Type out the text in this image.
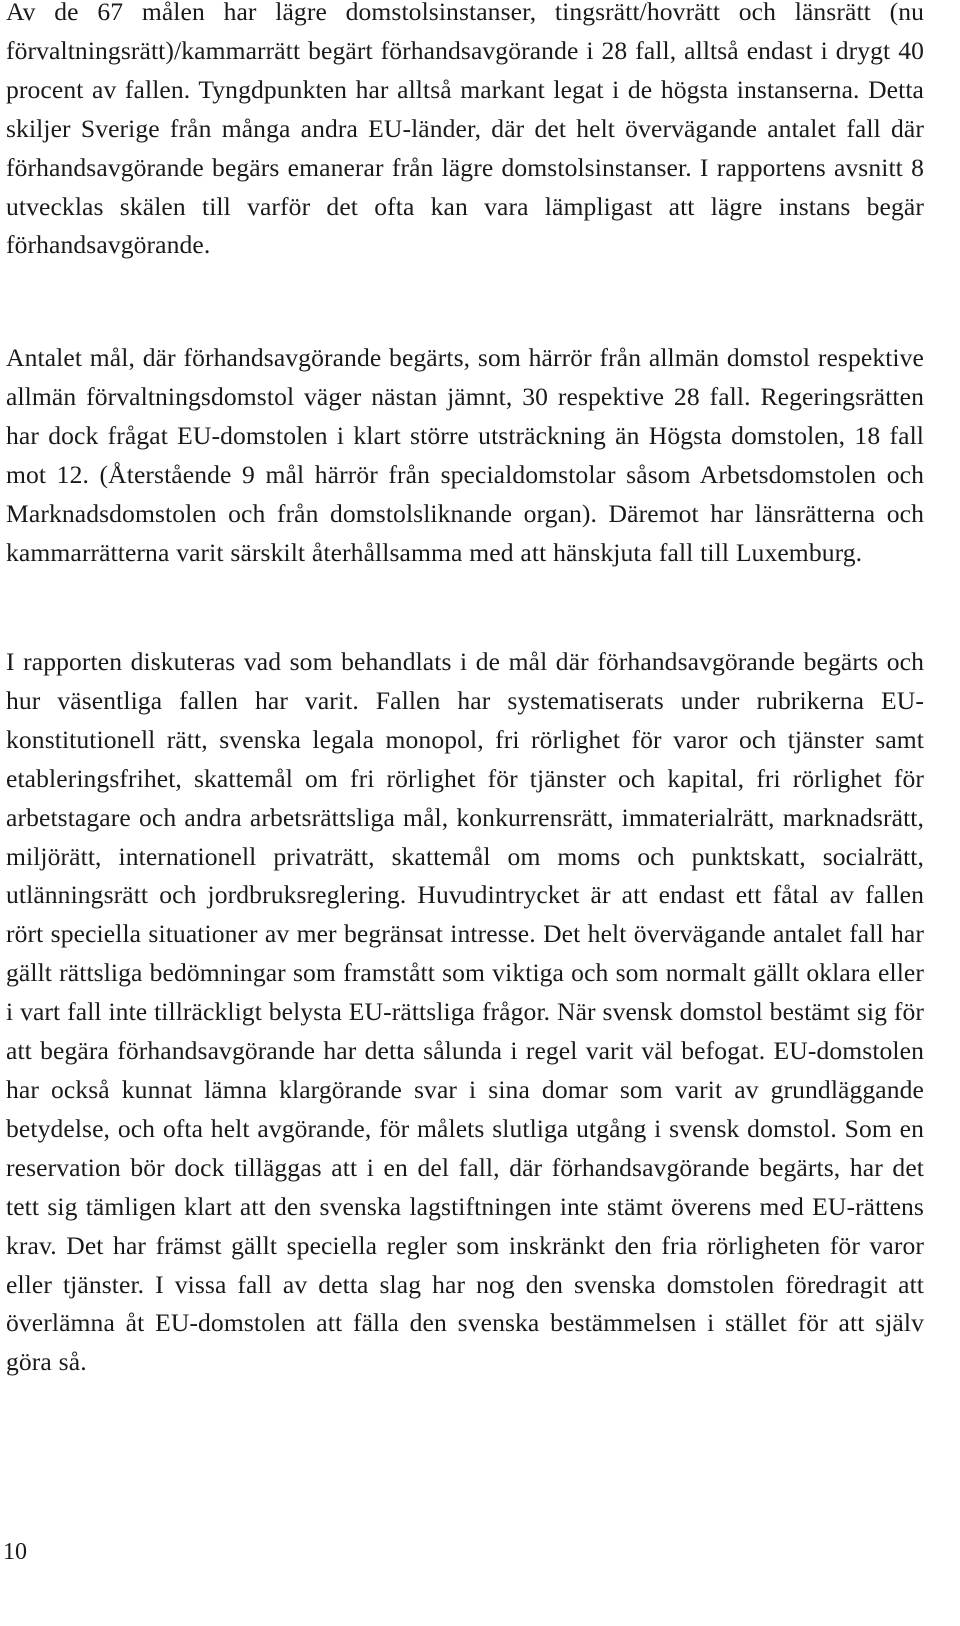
Av de 67 målen har lägre domstolsinstanser, tingsrätt/hovrätt och länsrätt (nu förvaltningsrätt)/kammarrätt begärt förhandsavgörande i 28 fall, alltså endast i drygt 40 procent av fallen. Tyngdpunkten har alltså markant legat i de högsta instanserna. Detta skiljer Sverige från många andra EU-länder, där det helt övervägande antalet fall där förhandsavgörande begärs emanerar från lägre domstolsinstanser. I rapportens avsnitt 8 utvecklas skälen till varför det ofta kan vara lämpligast att lägre instans begär förhandsavgörande.

Antalet mål, där förhandsavgörande begärts, som härrör från allmän domstol respektive allmän förvaltningsdomstol väger nästan jämnt, 30 respektive 28 fall. Regeringsrätten har dock frågat EU-domstolen i klart större utsträckning än Högsta domstolen, 18 fall mot 12. (Återstående 9 mål härrör från specialdomstolar såsom Arbetsdomstolen och Marknadsdomstolen och från domstolsliknande organ). Däremot har länsrätterna och kammarrätterna varit särskilt återhållsamma med att hänskjuta fall till Luxemburg.

I rapporten diskuteras vad som behandlats i de mål där förhandsavgörande begärts och hur väsentliga fallen har varit. Fallen har systematiserats under rubrikerna EU-konstitutionell rätt, svenska legala monopol, fri rörlighet för varor och tjänster samt etableringsfrihet, skattemål om fri rörlighet för tjänster och kapital, fri rörlighet för arbetstagare och andra arbetsrättsliga mål, konkurrensrätt, immaterialrätt, marknadsrätt, miljörätt, internationell privaträtt, skattemål om moms och punktskatt, socialrätt, utlänningsrätt och jordbruksreglering. Huvudintrycket är att endast ett fåtal av fallen rört speciella situationer av mer begränsat intresse. Det helt övervägande antalet fall har gällt rättsliga bedömningar som framstått som viktiga och som normalt gällt oklara eller i vart fall inte tillräckligt belysta EU-rättsliga frågor. När svensk domstol bestämt sig för att begära förhandsavgörande har detta sålunda i regel varit väl befogat. EU-domstolen har också kunnat lämna klargörande svar i sina domar som varit av grundläggande betydelse, och ofta helt avgörande, för målets slutliga utgång i svensk domstol. Som en reservation bör dock tilläggas att i en del fall, där förhandsavgörande begärts, har det tett sig tämligen klart att den svenska lagstiftningen inte stämt överens med EU-rättens krav. Det har främst gällt speciella regler som inskränkt den fria rörligheten för varor eller tjänster. I vissa fall av detta slag har nog den svenska domstolen föredragit att överlämna åt EU-domstolen att fälla den svenska bestämmelsen i stället för att själv göra så.

10
